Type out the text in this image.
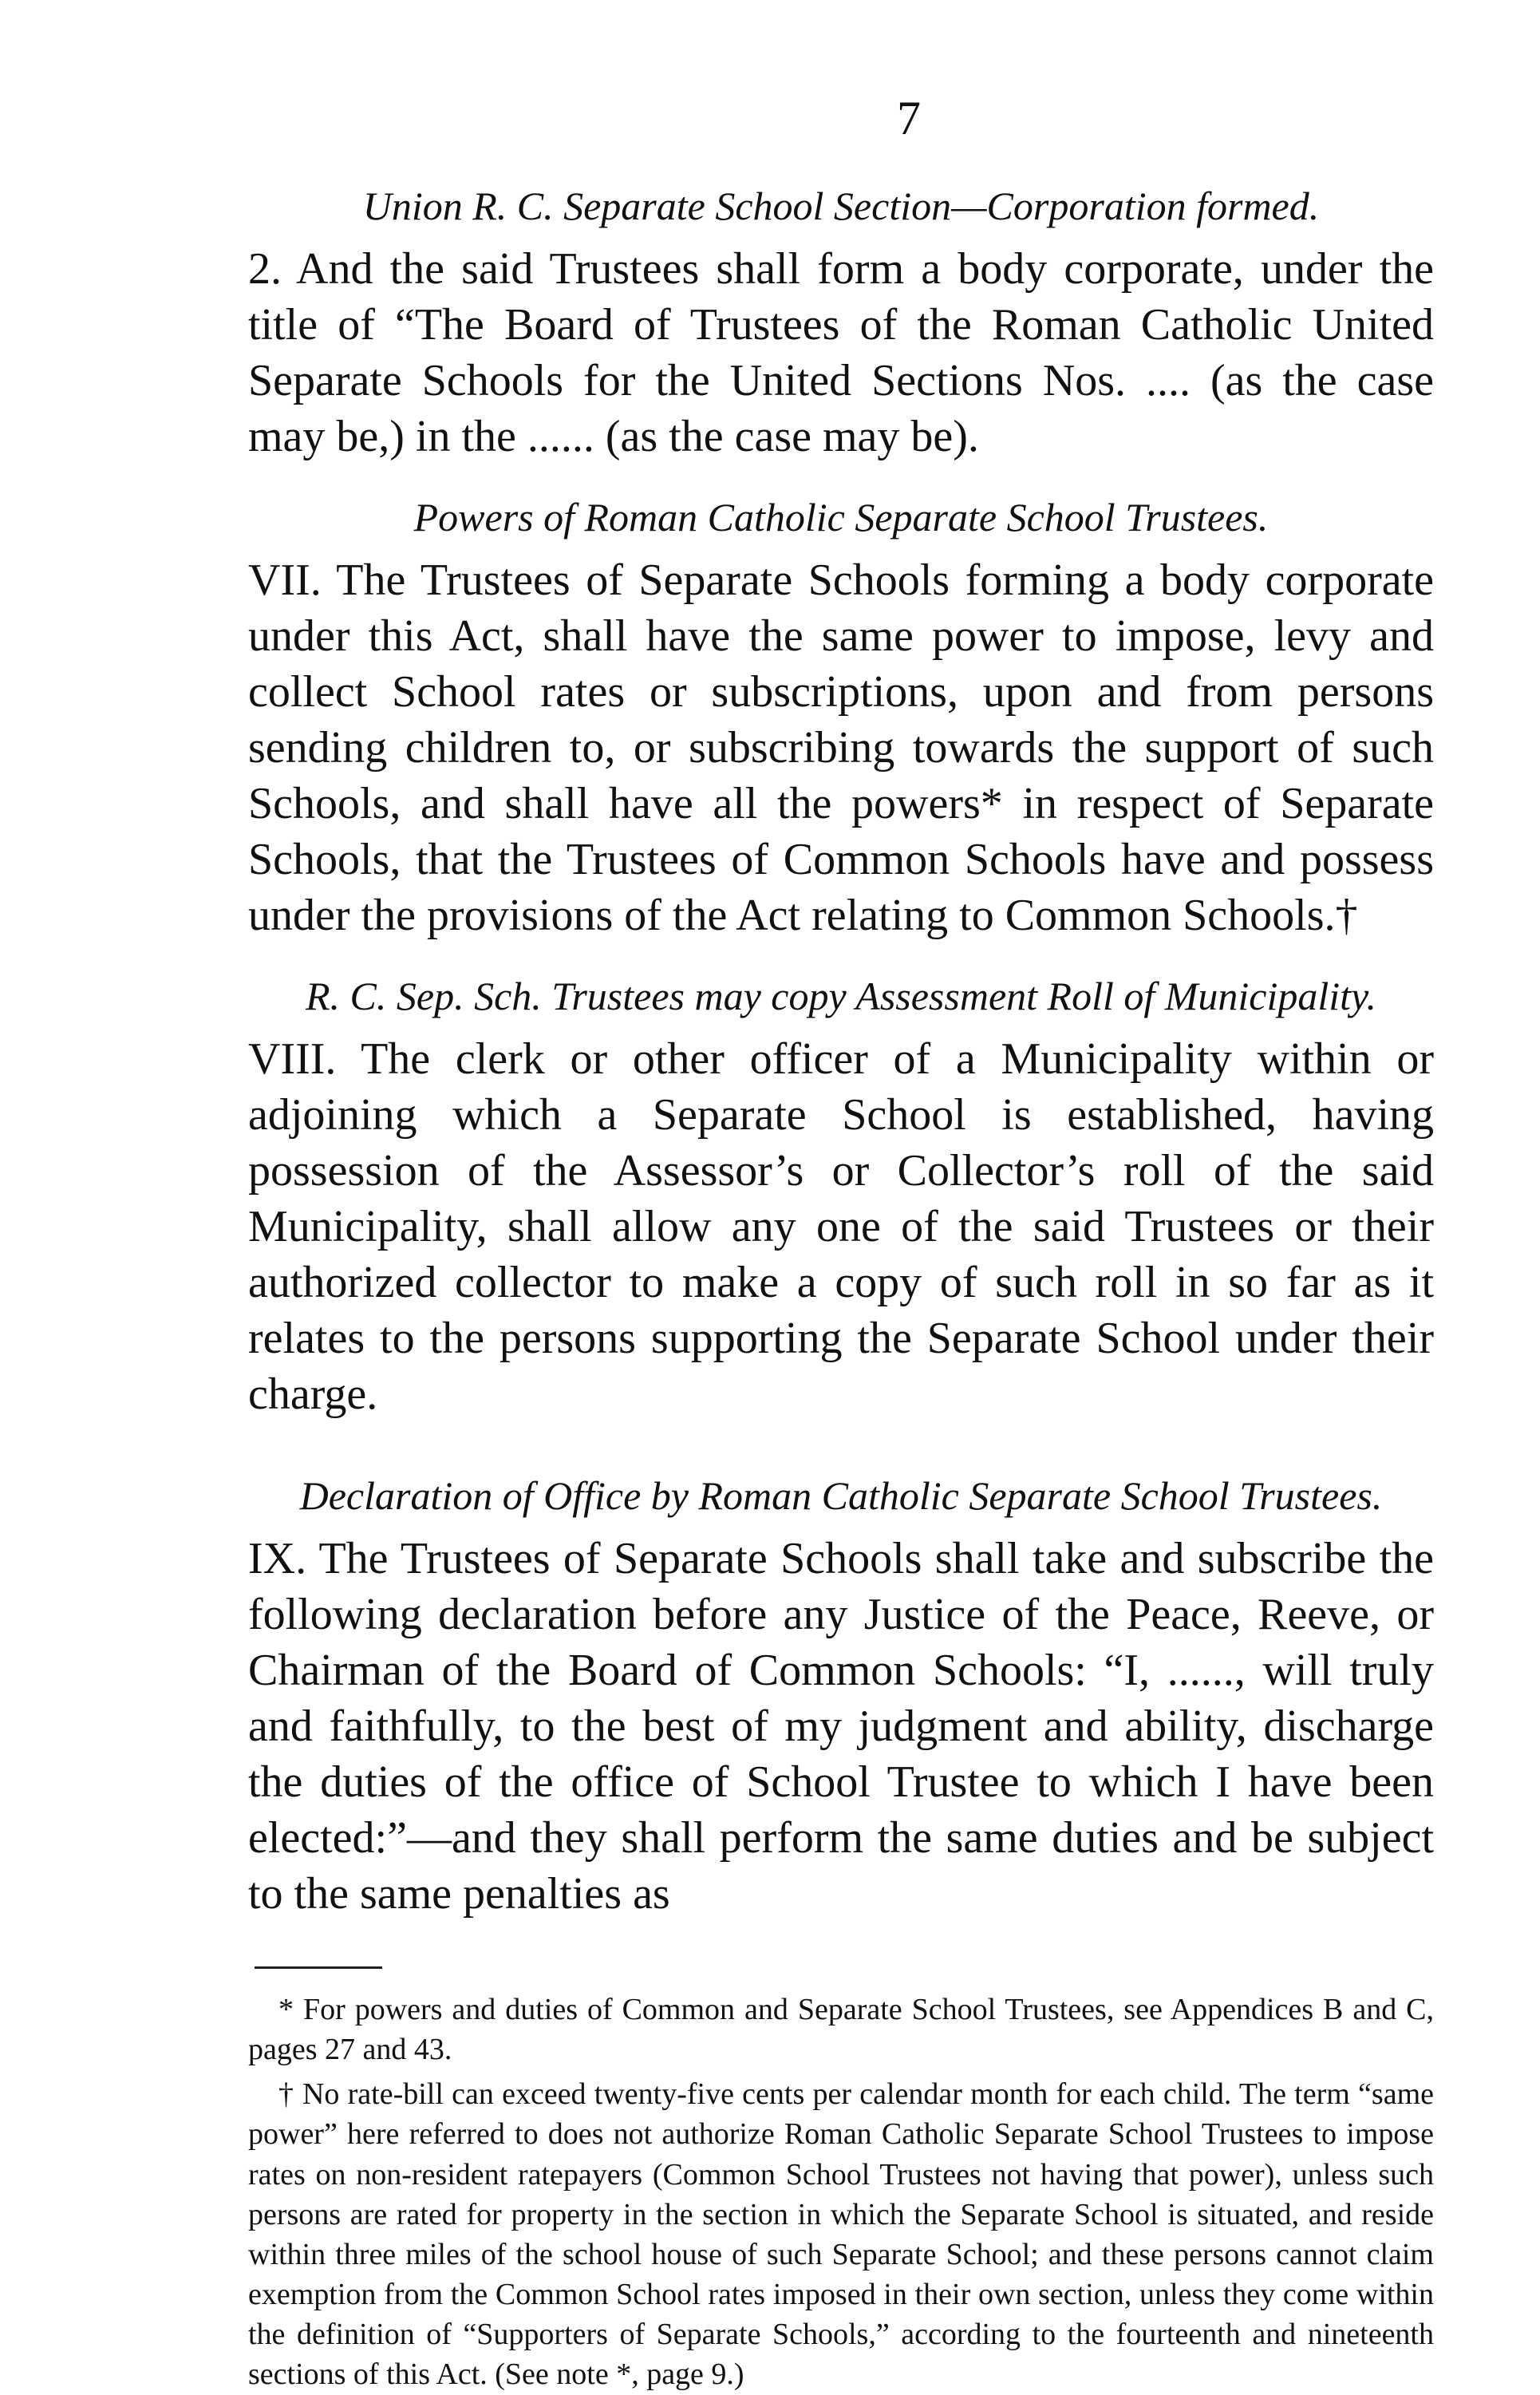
7
Union R. C. Separate School Section—Corporation formed.

2. And the said Trustees shall form a body corporate, under the title of “The Board of Trustees of the Roman Catholic United Separate Schools for the United Sections Nos. .... (as the case may be,) in the ...... (as the case may be).

Powers of Roman Catholic Separate School Trustees.

VII. The Trustees of Separate Schools forming a body corporate under this Act, shall have the same power to impose, levy and collect School rates or subscriptions, upon and from persons sending children to, or subscribing towards the support of such Schools, and shall have all the powers* in respect of Separate Schools, that the Trustees of Common Schools have and possess under the provisions of the Act relating to Common Schools.†

R. C. Sep. Sch. Trustees may copy Assessment Roll of Municipality.

VIII. The clerk or other officer of a Municipality within or adjoining which a Separate School is established, having possession of the Assessor’s or Collector’s roll of the said Municipality, shall allow any one of the said Trustees or their authorized collector to make a copy of such roll in so far as it relates to the persons supporting the Separate School under their charge.

Declaration of Office by Roman Catholic Separate School Trustees.

IX. The Trustees of Separate Schools shall take and subscribe the following declaration before any Justice of the Peace, Reeve, or Chairman of the Board of Common Schools: “I, ......, will truly and faithfully, to the best of my judgment and ability, discharge the duties of the office of School Trustee to which I have been elected:”—and they shall perform the same duties and be subject to the same penalties as

* For powers and duties of Common and Separate School Trustees, see Appendices B and C, pages 27 and 43.

† No rate-bill can exceed twenty-five cents per calendar month for each child. The term “same power” here referred to does not authorize Roman Catholic Separate School Trustees to impose rates on non-resident ratepayers (Common School Trustees not having that power), unless such persons are rated for property in the section in which the Separate School is situated, and reside within three miles of the school house of such Separate School; and these persons cannot claim exemption from the Common School rates imposed in their own section, unless they come within the definition of “Supporters of Separate Schools,” according to the fourteenth and nineteenth sections of this Act. (See note *, page 9.)
